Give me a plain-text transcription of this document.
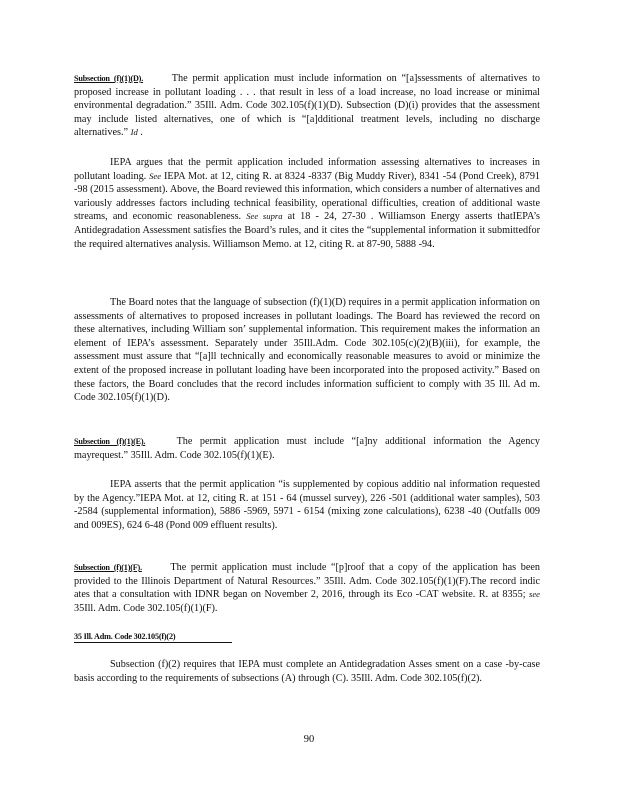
Subsection (f)(1)(D).	The permit application must include information on “[a]ssessments of alternatives to proposed increase in pollutant loading . . . that result in less of a load increase, no load increase or minimal environmental degradation.” 35Ill. Adm. Code 302.105(f)(1)(D). Subsection (D)(i) provides that the assessment may include listed alternatives, one of which is “[a]dditional treatment levels, including no discharge alternatives.” Id .

IEPA argues that the permit application included information assessing alternatives to increases in pollutant loading. See IEPA Mot. at 12, citing R. at 8324 -8337 (Big Muddy River), 8341 -54 (Pond Creek), 8791 -98 (2015 assessment). Above, the Board reviewed this information, which considers a number of alternatives and variously addresses factors including technical feasibility, operational difficulties, creation of additional waste streams, and economic reasonableness. See supra at 18 - 24, 27-30 . Williamson Energy asserts thatIEPA’s Antidegradation Assessment satisfies the Board’s rules, and it cites the “supplemental information it submittedfor the required alternatives analysis. Williamson Memo. at 12, citing R. at 87-90, 5888 -94.

The Board notes that the language of subsection (f)(1)(D) requires in a permit application information on assessments of alternatives to proposed increases in pollutant loadings. The Board has reviewed the record on these alternatives, including William son’ supplemental information. This requirement makes the information an element of IEPA’s assessment. Separately under 35Ill.Adm. Code 302.105(c)(2)(B)(iii), for example, the assessment must assure that “[a]ll technically and economically reasonable measures to avoid or minimize the extent of the proposed increase in pollutant loading have been incorporated into the proposed activity.” Based on these factors, the Board concludes that the record includes information sufficient to comply with 35 Ill. Ad m. Code 302.105(f)(1)(D).

Subsection (f)(1)(E).	The permit application must include “[a]ny additional information the Agency mayrequest.” 35Ill. Adm. Code 302.105(f)(1)(E).

IEPA asserts that the permit application “is supplemented by copious additio nal information requested by the Agency.”IEPA Mot. at 12, citing R. at 151 - 64 (mussel survey), 226 -501 (additional water samples), 503 -2584 (supplemental information), 5886 -5969, 5971 - 6154 (mixing zone calculations), 6238 -40 (Outfalls 009 and 009ES), 624 6-48 (Pond 009 effluent results).

Subsection (f)(1)(F).	The permit application must include “[p]roof that a copy of the application has been provided to the Illinois Department of Natural Resources.” 35Ill. Adm. Code 302.105(f)(1)(F).The record indic ates that a consultation with IDNR began on November 2, 2016, through its Eco -CAT website. R. at 8355; see 35Ill. Adm. Code 302.105(f)(1)(F).

35 Ill. Adm. Code 302.105(f)(2)

Subsection (f)(2) requires that IEPA must complete an Antidegradation Asses sment on a case -by-case basis according to the requirements of subsections (A) through (C). 35Ill. Adm. Code 302.105(f)(2).

90
